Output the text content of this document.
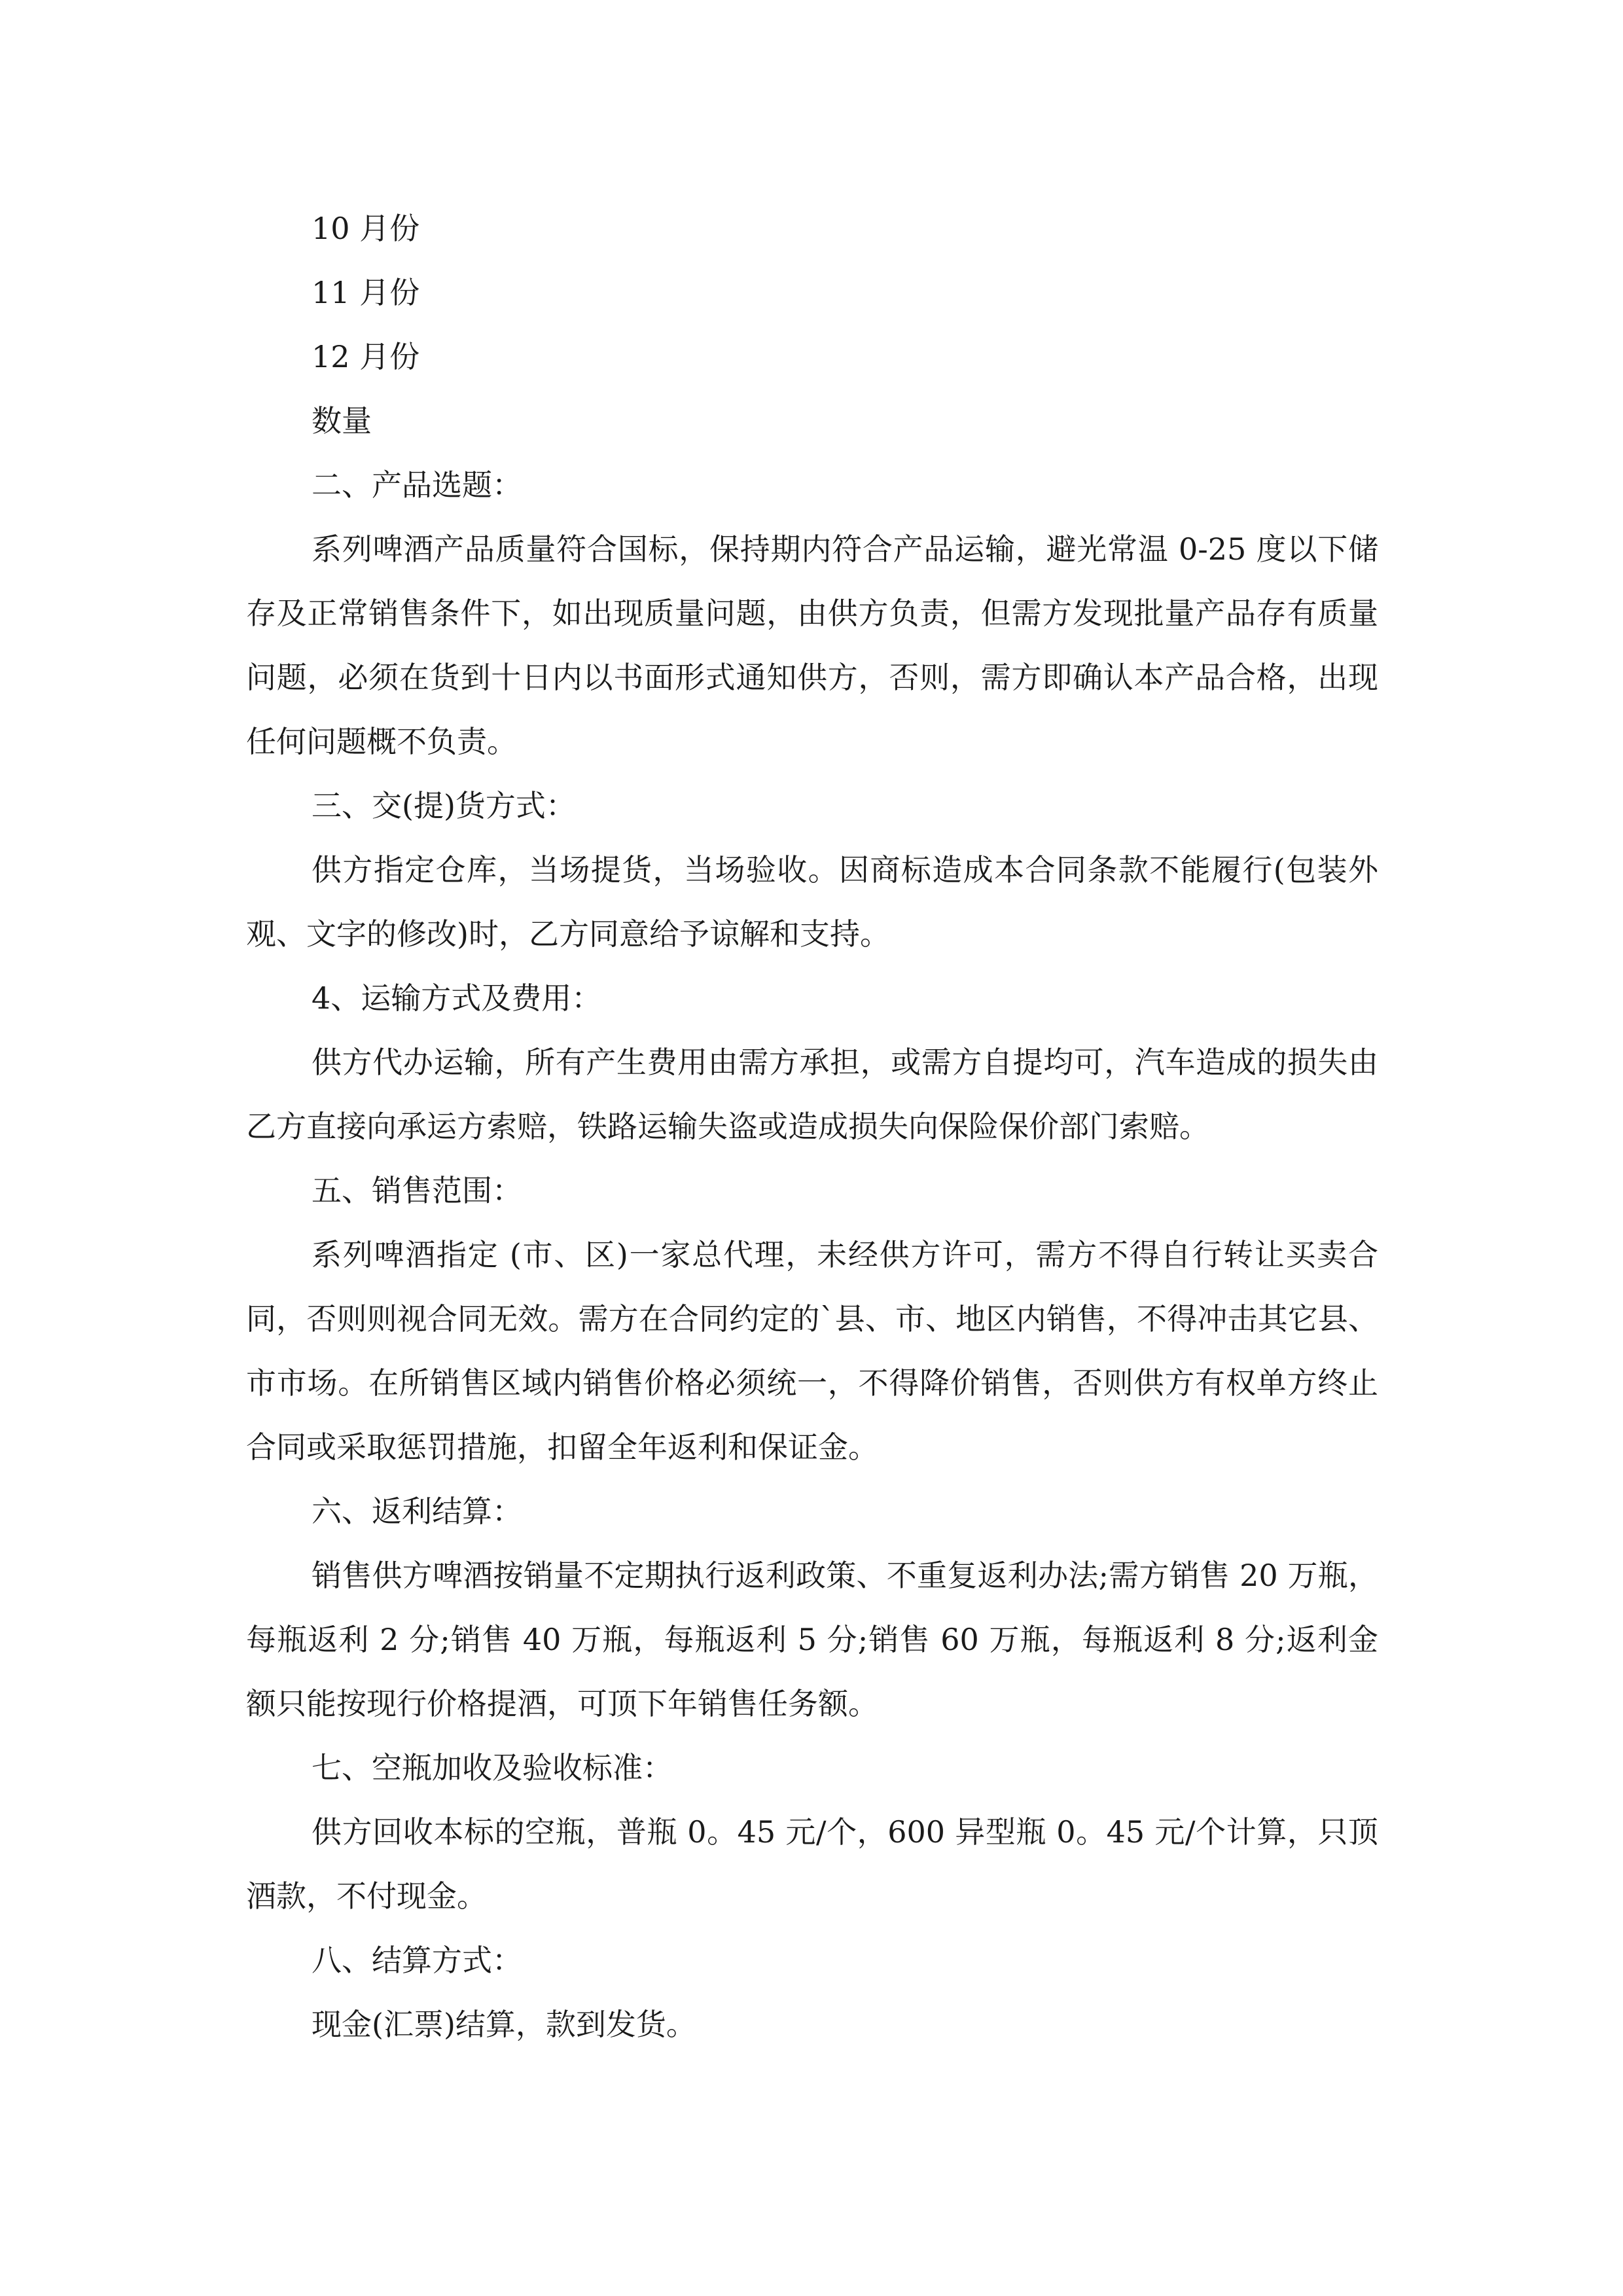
10 月份
11 月份
12 月份
数量
二、产品选题：

系列啤酒产品质量符合国标，保持期内符合产品运输，避光常温 0-25 度以下储存及正常销售条件下，如出现质量问题，由供方负责，但需方发现批量产品存有质量问题，必须在货到十日内以书面形式通知供方，否则，需方即确认本产品合格，出现任何问题概不负责。

三、交(提)货方式：

供方指定仓库，当场提货，当场验收。因商标造成本合同条款不能履行(包装外观、文字的修改)时，乙方同意给予谅解和支持。

4、运输方式及费用：

供方代办运输，所有产生费用由需方承担，或需方自提均可，汽车造成的损失由乙方直接向承运方索赔，铁路运输失盗或造成损失向保险保价部门索赔。

五、销售范围：

系列啤酒指定 (市、区)一家总代理，未经供方许可，需方不得自行转让买卖合同，否则则视合同无效。需方在合同约定的`县、市、地区内销售，不得冲击其它县、市市场。在所销售区域内销售价格必须统一，不得降价销售，否则供方有权单方终止合同或采取惩罚措施，扣留全年返利和保证金。

六、返利结算：

销售供方啤酒按销量不定期执行返利政策、不重复返利办法;需方销售 20 万瓶，每瓶返利 2 分;销售 40 万瓶，每瓶返利 5 分;销售 60 万瓶，每瓶返利 8 分;返利金额只能按现行价格提酒，可顶下年销售任务额。

七、空瓶加收及验收标准：

供方回收本标的空瓶，普瓶 0。45 元/个，600 异型瓶 0。45 元/个计算，只顶酒款，不付现金。

八、结算方式：

现金(汇票)结算，款到发货。
